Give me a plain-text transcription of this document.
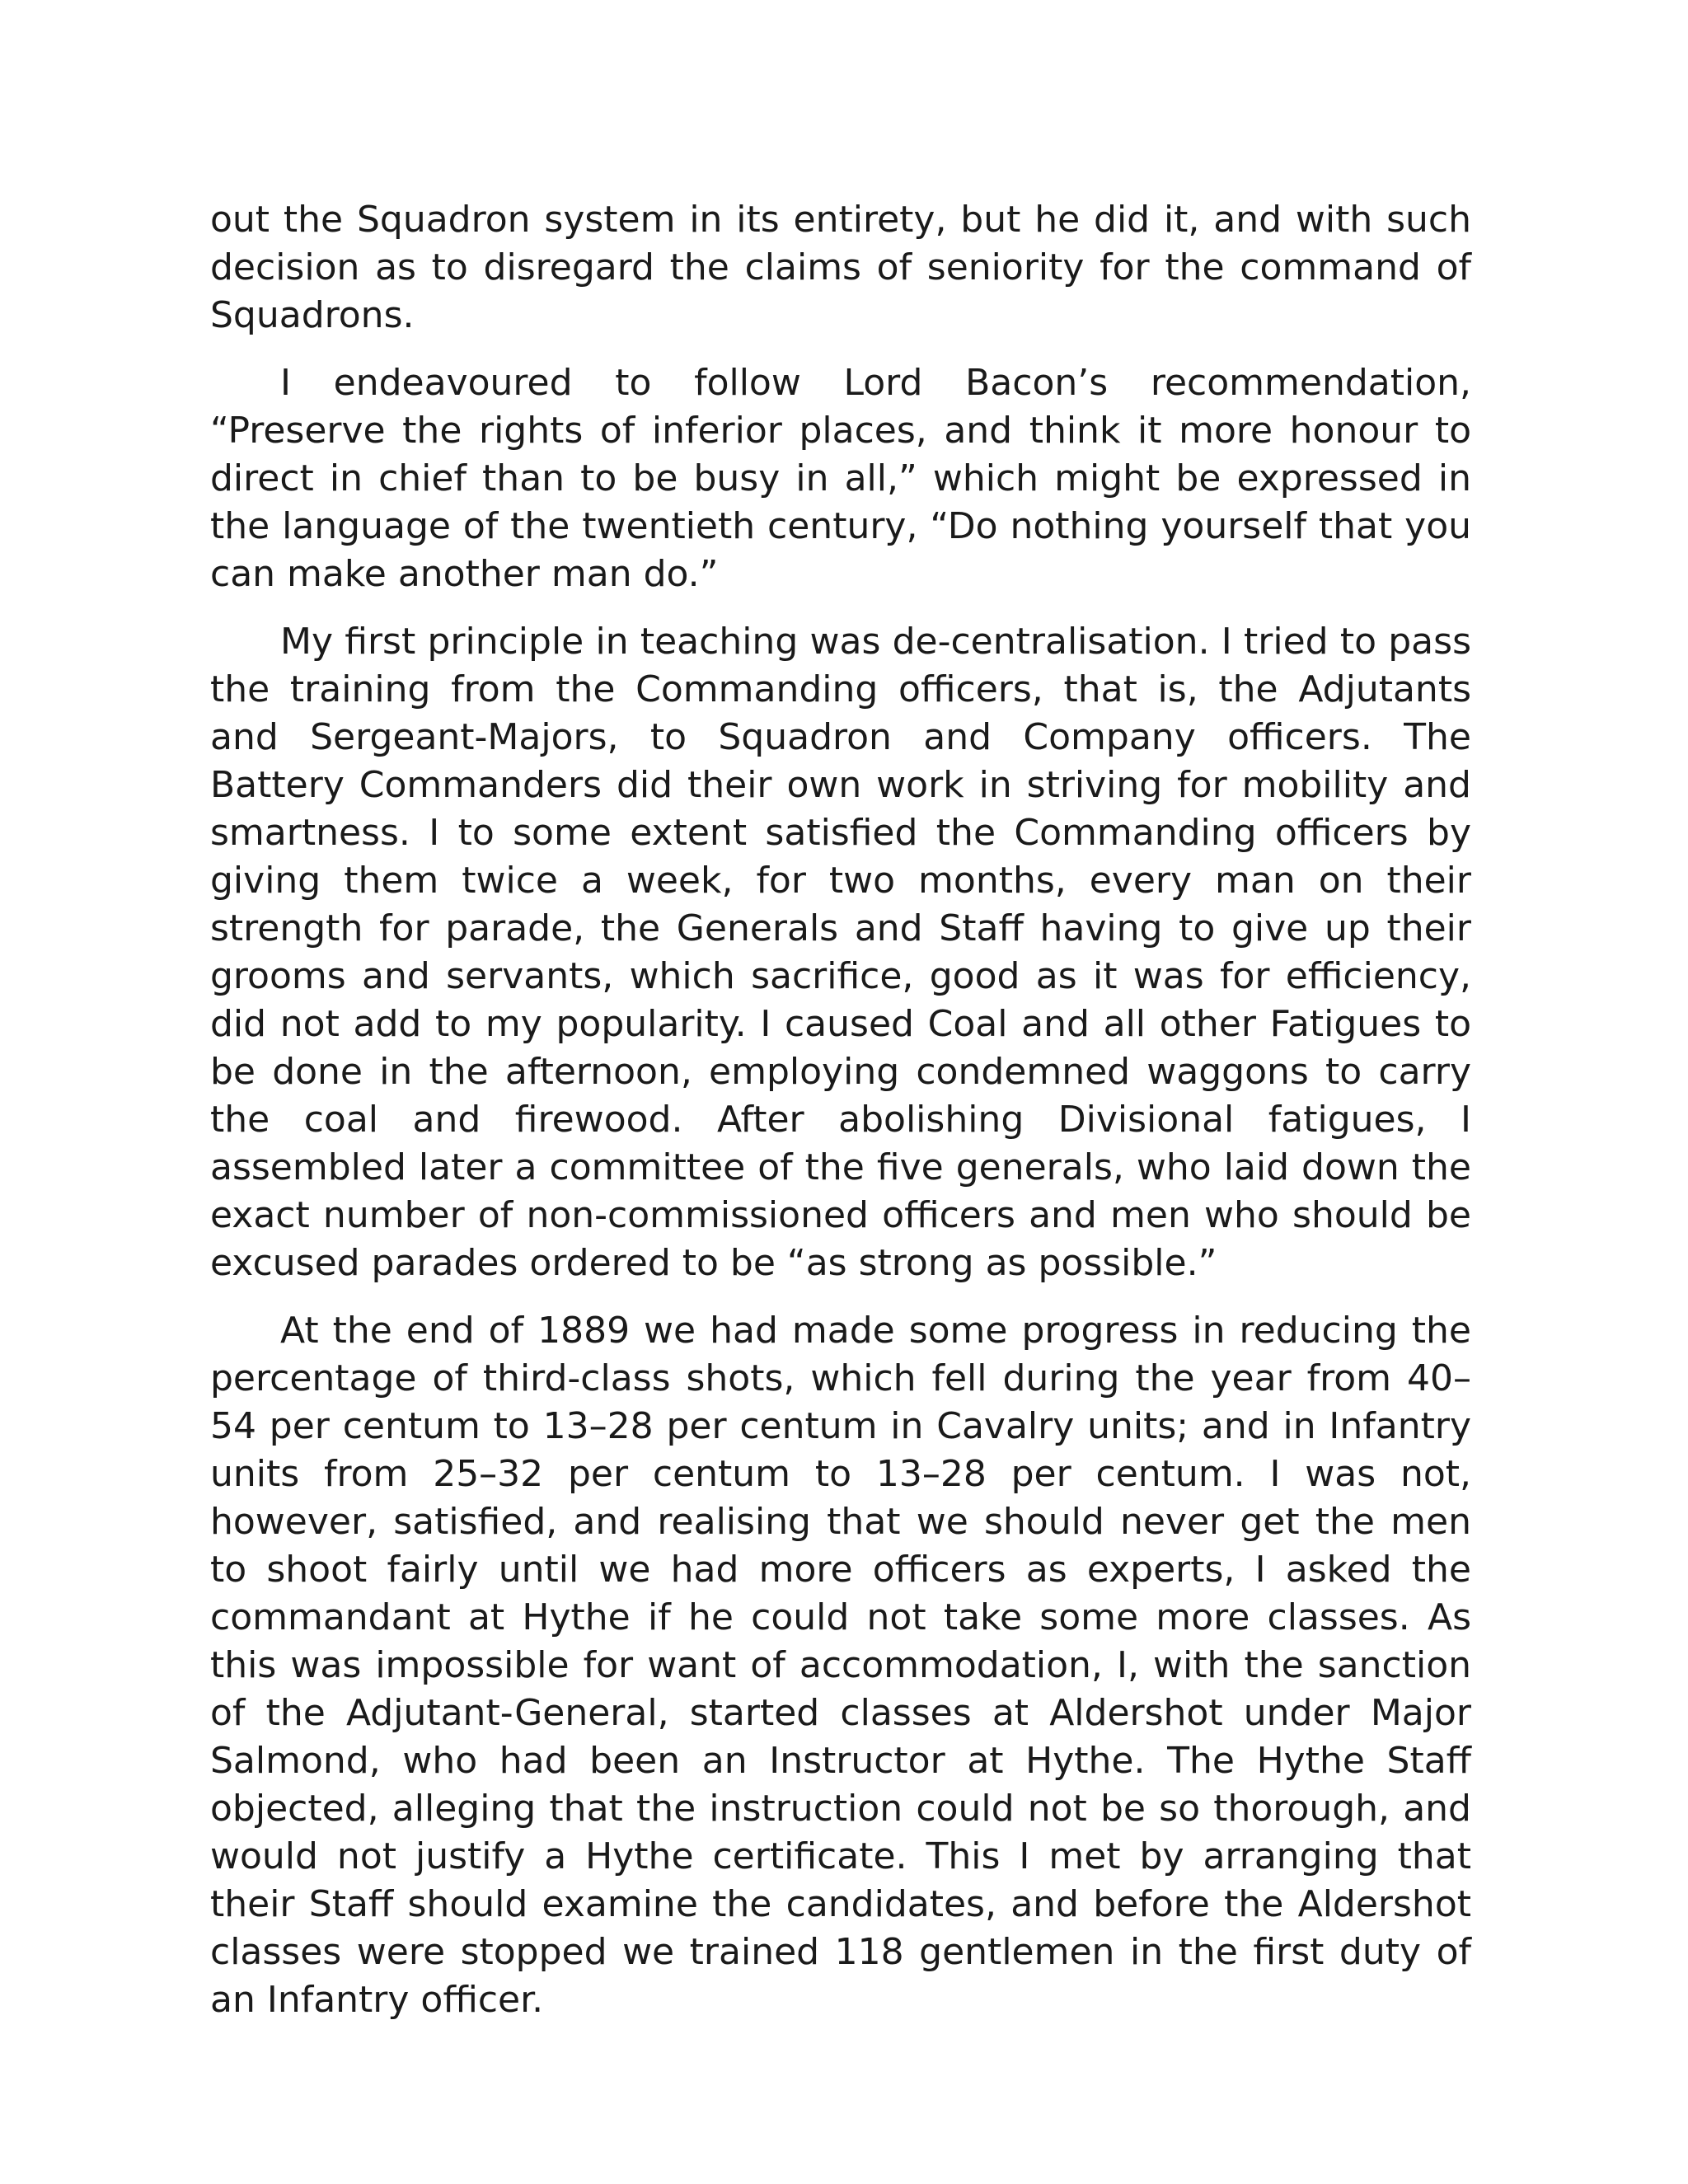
out the Squadron system in its entirety, but he did it, and with such decision as to disregard the claims of seniority for the command of Squadrons.

I endeavoured to follow Lord Bacon’s recommendation, “Preserve the rights of inferior places, and think it more honour to direct in chief than to be busy in all,” which might be expressed in the language of the twentieth century, “Do nothing yourself that you can make another man do.”

My first principle in teaching was de-centralisation. I tried to pass the training from the Commanding officers, that is, the Adjutants and Sergeant-Majors, to Squadron and Company officers. The Battery Commanders did their own work in striving for mobility and smartness. I to some extent satisfied the Commanding officers by giving them twice a week, for two months, every man on their strength for parade, the Generals and Staff having to give up their grooms and servants, which sacrifice, good as it was for efficiency, did not add to my popularity. I caused Coal and all other Fatigues to be done in the afternoon, employing condemned waggons to carry the coal and firewood. After abolishing Divisional fatigues, I assembled later a committee of the five generals, who laid down the exact number of non-commissioned officers and men who should be excused parades ordered to be “as strong as possible.”

At the end of 1889 we had made some progress in reducing the percentage of third-class shots, which fell during the year from 40–54 per centum to 13–28 per centum in Cavalry units; and in Infantry units from 25–32 per centum to 13–28 per centum. I was not, however, satisfied, and realising that we should never get the men to shoot fairly until we had more officers as experts, I asked the commandant at Hythe if he could not take some more classes. As this was impossible for want of accommodation, I, with the sanction of the Adjutant-General, started classes at Aldershot under Major Salmond, who had been an Instructor at Hythe. The Hythe Staff objected, alleging that the instruction could not be so thorough, and would not justify a Hythe certificate. This I met by arranging that their Staff should examine the candidates, and before the Aldershot classes were stopped we trained 118 gentlemen in the first duty of an Infantry officer.
